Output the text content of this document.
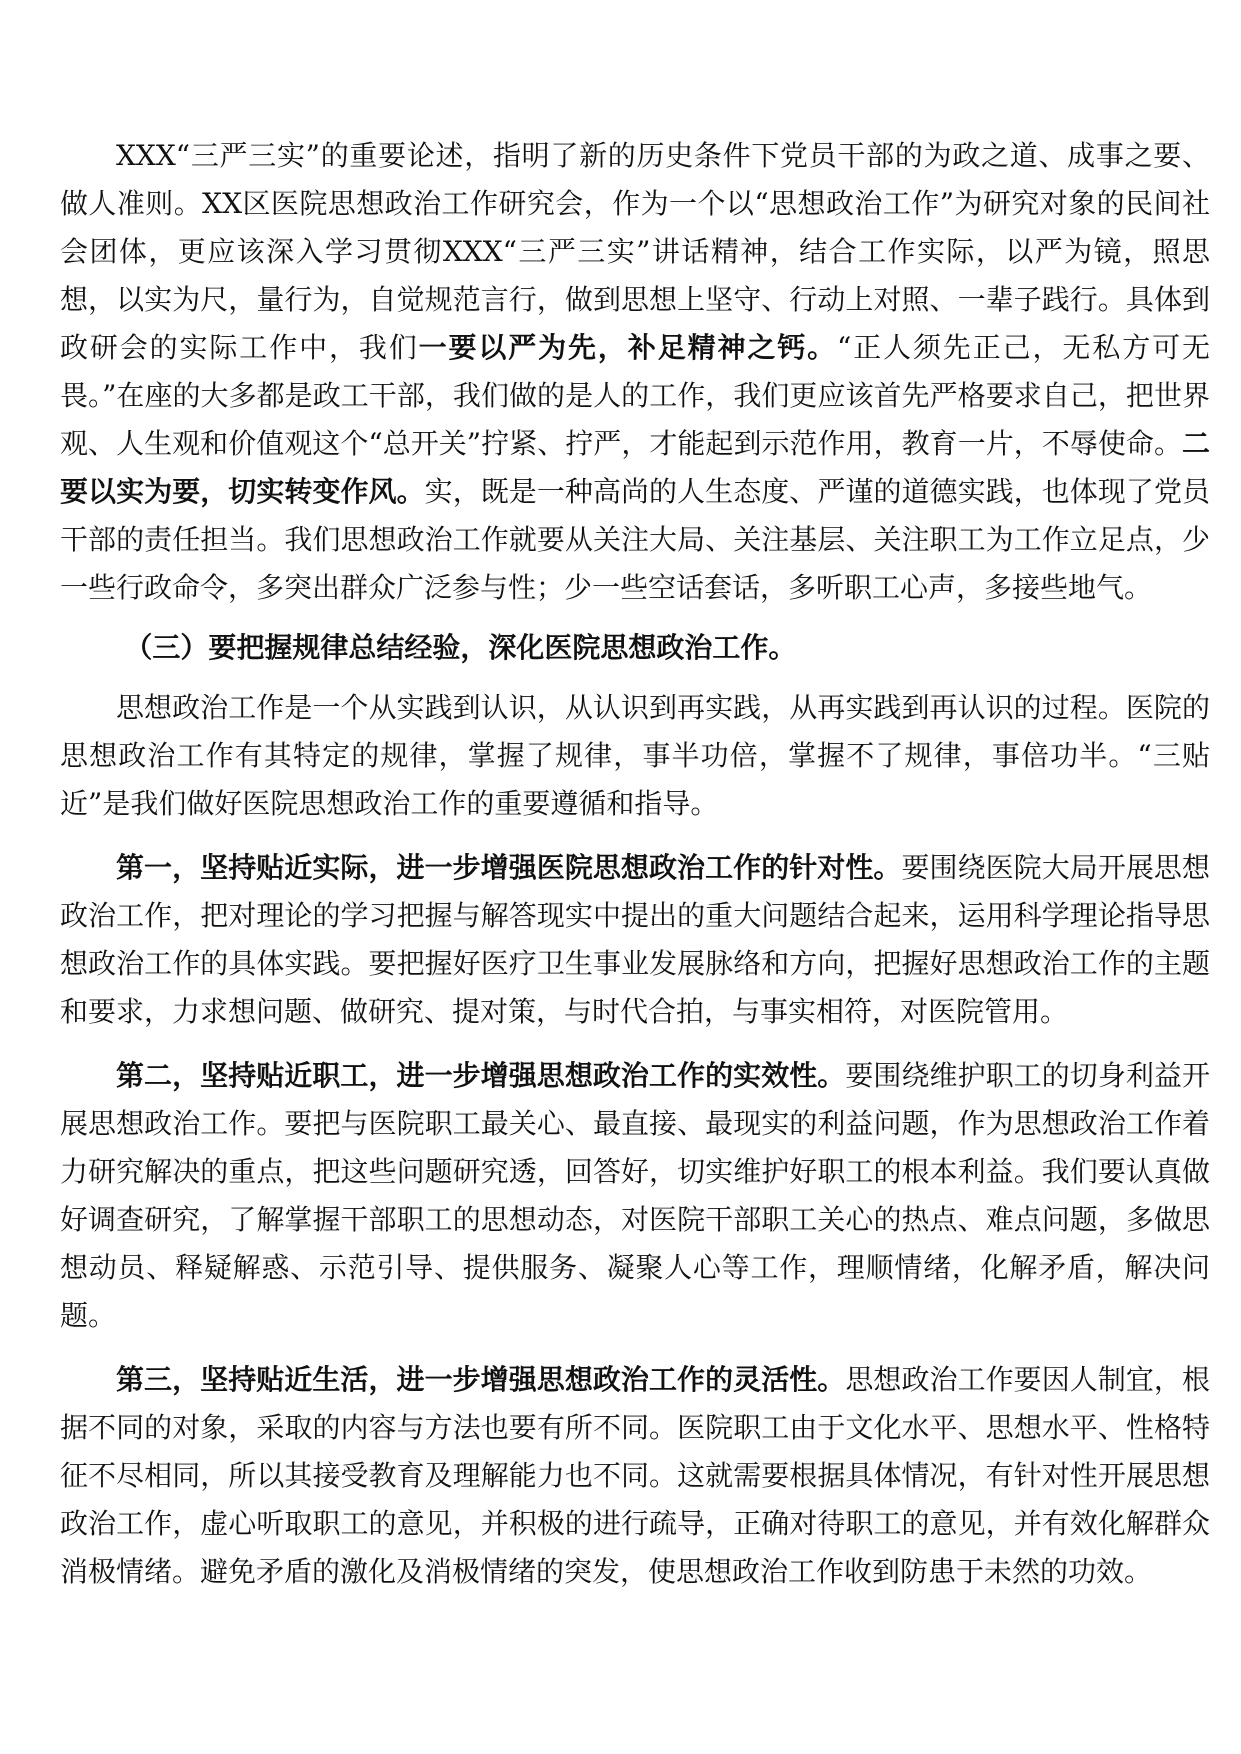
XXX“三严三实”的重要论述，指明了新的历史条件下党员干部的为政之道、成事之要、做人准则。XX区医院思想政治工作研究会，作为一个以“思想政治工作”为研究对象的民间社会团体，更应该深入学习贯彻XXX“三严三实”讲话精神，结合工作实际，以严为镜，照思想，以实为尺，量行为，自觉规范言行，做到思想上坚守、行动上对照、一辈子践行。具体到政研会的实际工作中，我们一要以严为先，补足精神之钙。“正人须先正己，无私方可无畏。”在座的大多都是政工干部，我们做的是人的工作，我们更应该首先严格要求自己，把世界观、人生观和价值观这个“总开关”拧紧、拧严，才能起到示范作用，教育一片，不辱使命。二要以实为要，切实转变作风。实，既是一种高尚的人生态度、严谨的道德实践，也体现了党员干部的责任担当。我们思想政治工作就要从关注大局、关注基层、关注职工为工作立足点，少一些行政命令，多突出群众广泛参与性；少一些空话套话，多听职工心声，多接些地气。

（三）要把握规律总结经验，深化医院思想政治工作。

思想政治工作是一个从实践到认识，从认识到再实践，从再实践到再认识的过程。医院的思想政治工作有其特定的规律，掌握了规律，事半功倍，掌握不了规律，事倍功半。“三贴近”是我们做好医院思想政治工作的重要遵循和指导。

第一，坚持贴近实际，进一步增强医院思想政治工作的针对性。要围绕医院大局开展思想政治工作，把对理论的学习把握与解答现实中提出的重大问题结合起来，运用科学理论指导思想政治工作的具体实践。要把握好医疗卫生事业发展脉络和方向，把握好思想政治工作的主题和要求，力求想问题、做研究、提对策，与时代合拍，与事实相符，对医院管用。

第二，坚持贴近职工，进一步增强思想政治工作的实效性。要围绕维护职工的切身利益开展思想政治工作。要把与医院职工最关心、最直接、最现实的利益问题，作为思想政治工作着力研究解决的重点，把这些问题研究透，回答好，切实维护好职工的根本利益。我们要认真做好调查研究，了解掌握干部职工的思想动态，对医院干部职工关心的热点、难点问题，多做思想动员、释疑解惑、示范引导、提供服务、凝聚人心等工作，理顺情绪，化解矛盾，解决问题。

第三，坚持贴近生活，进一步增强思想政治工作的灵活性。思想政治工作要因人制宜，根据不同的对象，采取的内容与方法也要有所不同。医院职工由于文化水平、思想水平、性格特征不尽相同，所以其接受教育及理解能力也不同。这就需要根据具体情况，有针对性开展思想政治工作，虚心听取职工的意见，并积极的进行疏导，正确对待职工的意见，并有效化解群众消极情绪。避免矛盾的激化及消极情绪的突发，使思想政治工作收到防患于未然的功效。
